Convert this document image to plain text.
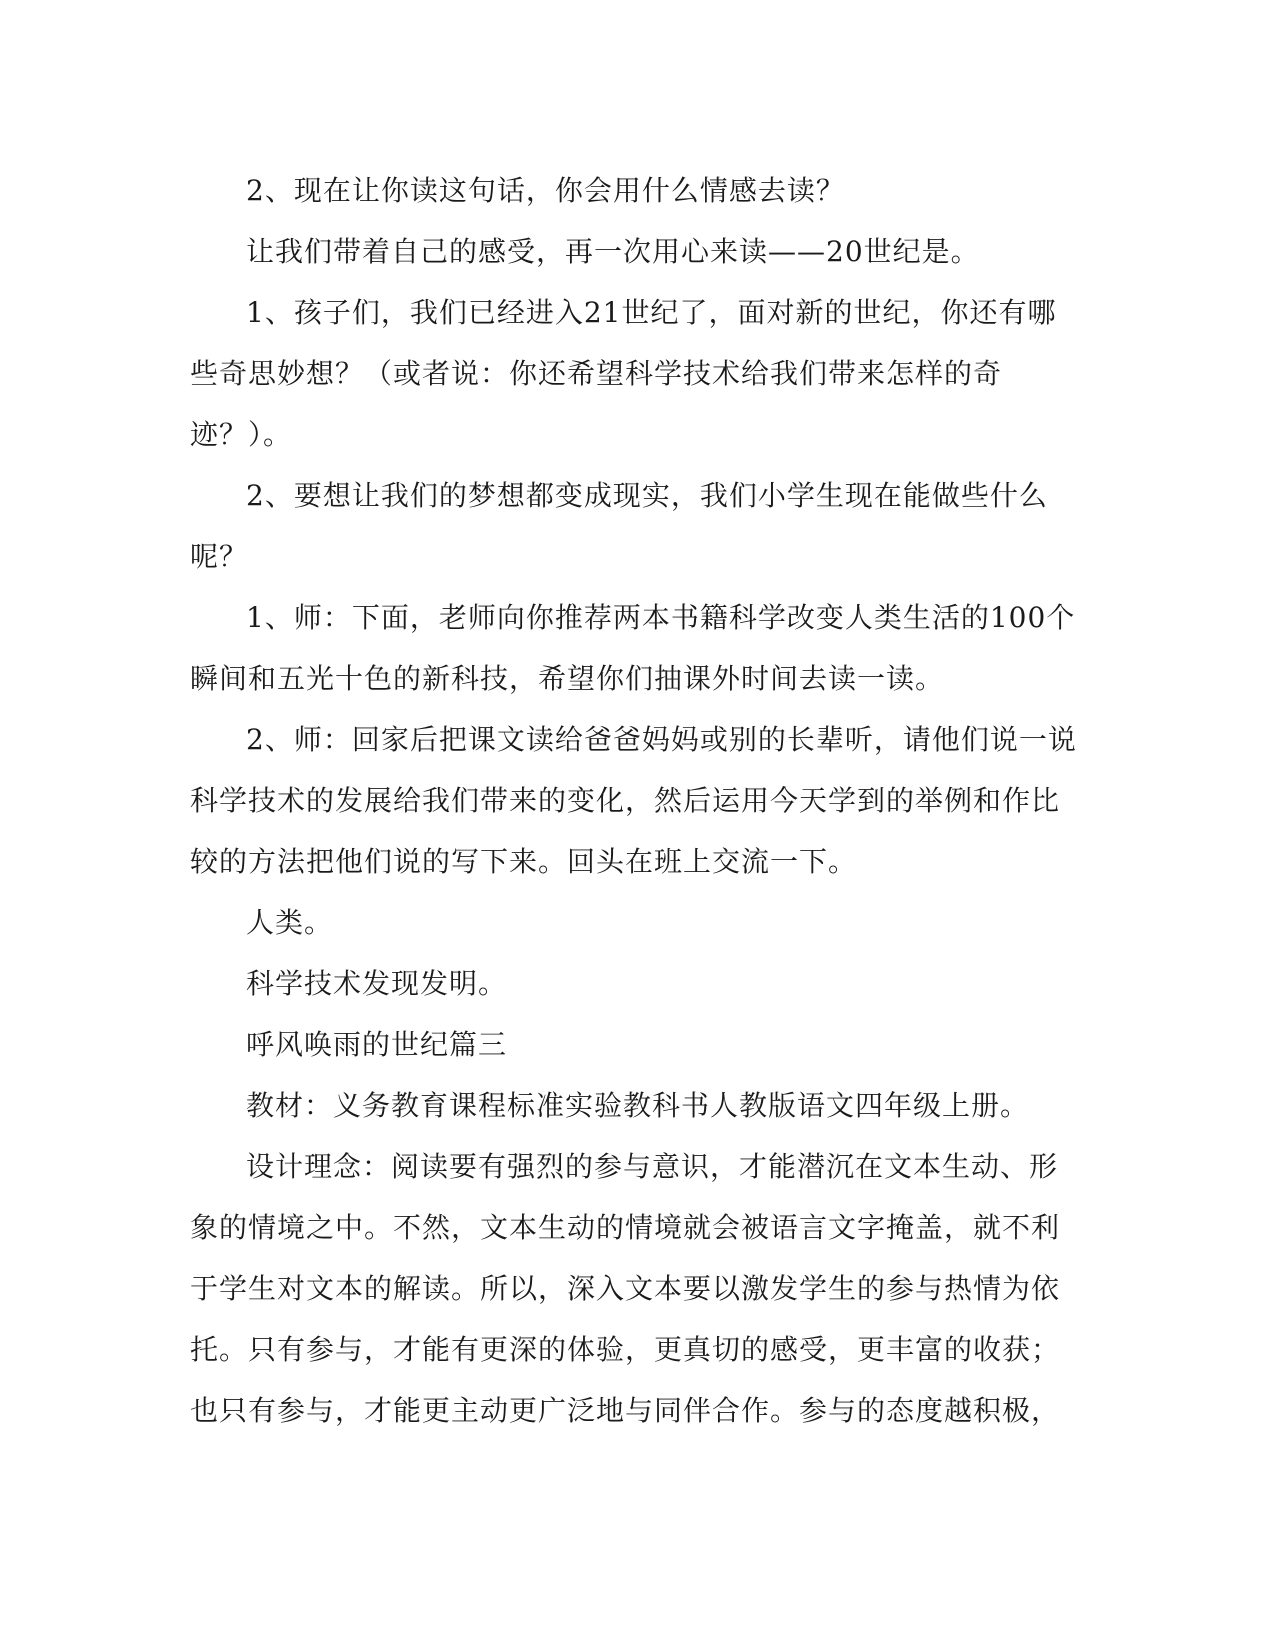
2、现在让你读这句话，你会用什么情感去读？

让我们带着自己的感受，再一次用心来读——20世纪是。

1、孩子们，我们已经进入21世纪了，面对新的世纪，你还有哪些奇思妙想？（或者说：你还希望科学技术给我们带来怎样的奇迹？）。

2、要想让我们的梦想都变成现实，我们小学生现在能做些什么呢？

1、师：下面，老师向你推荐两本书籍科学改变人类生活的100个瞬间和五光十色的新科技，希望你们抽课外时间去读一读。

2、师：回家后把课文读给爸爸妈妈或别的长辈听，请他们说一说科学技术的发展给我们带来的变化，然后运用今天学到的举例和作比较的方法把他们说的写下来。回头在班上交流一下。

人类。

科学技术发现发明。

呼风唤雨的世纪篇三

教材：义务教育课程标准实验教科书人教版语文四年级上册。

设计理念：阅读要有强烈的参与意识，才能潜沉在文本生动、形象的情境之中。不然，文本生动的情境就会被语言文字掩盖，就不利于学生对文本的解读。所以，深入文本要以激发学生的参与热情为依托。只有参与，才能有更深的体验，更真切的感受，更丰富的收获；也只有参与，才能更主动更广泛地与同伴合作。参与的态度越积极，
